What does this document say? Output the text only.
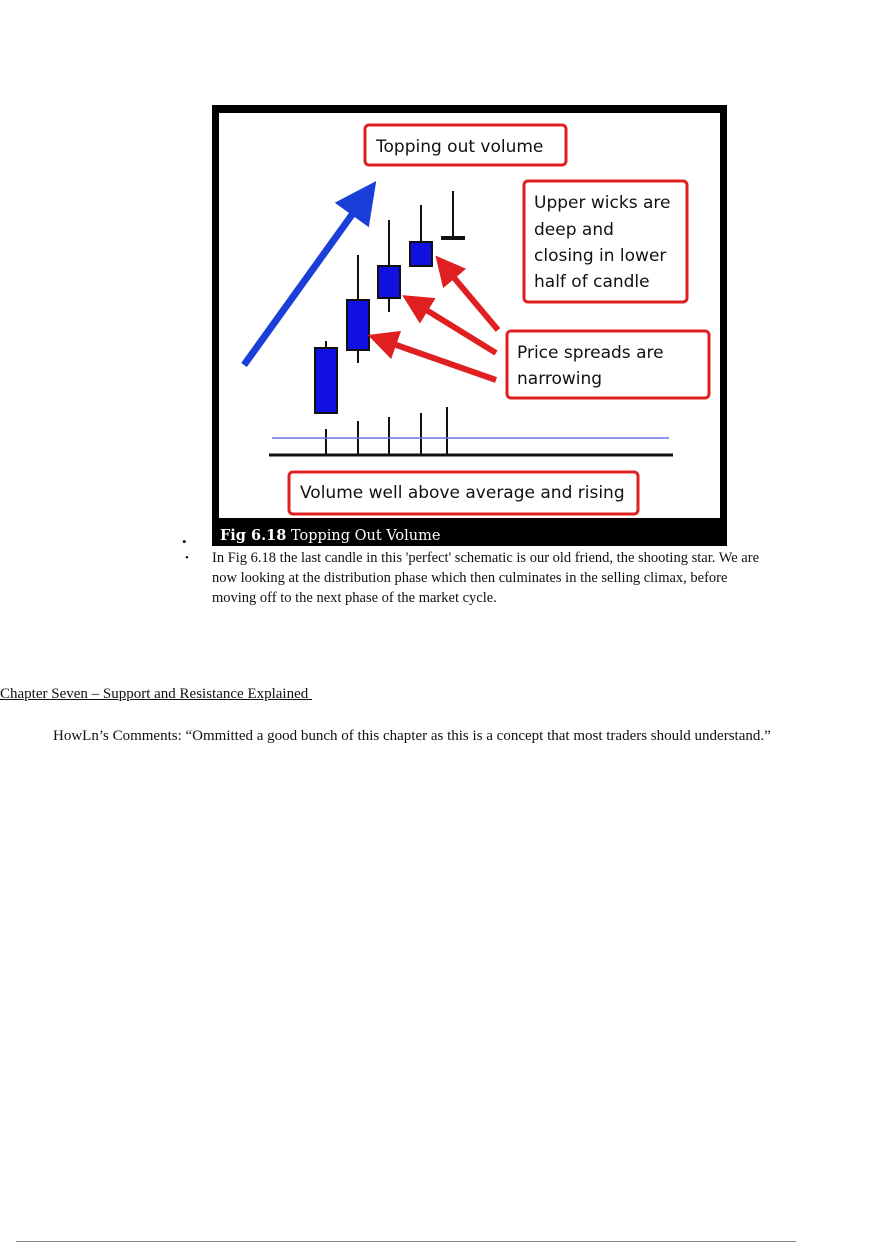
Topping out volume
Upper wicks are
deep and
closing in lower
half of candle
Price spreads are
narrowing
Volume well above average and rising
Fig 6.18 Topping Out Volume
•
• In Fig 6.18 the last candle in this 'perfect' schematic is our old friend, the shooting star. We are now looking at the distribution phase which then culminates in the selling climax, before moving off to the next phase of the market cycle.
Chapter Seven – Support and Resistance Explained
HowLn’s Comments: “Ommitted a good bunch of this chapter as this is a concept that most traders should understand.”
